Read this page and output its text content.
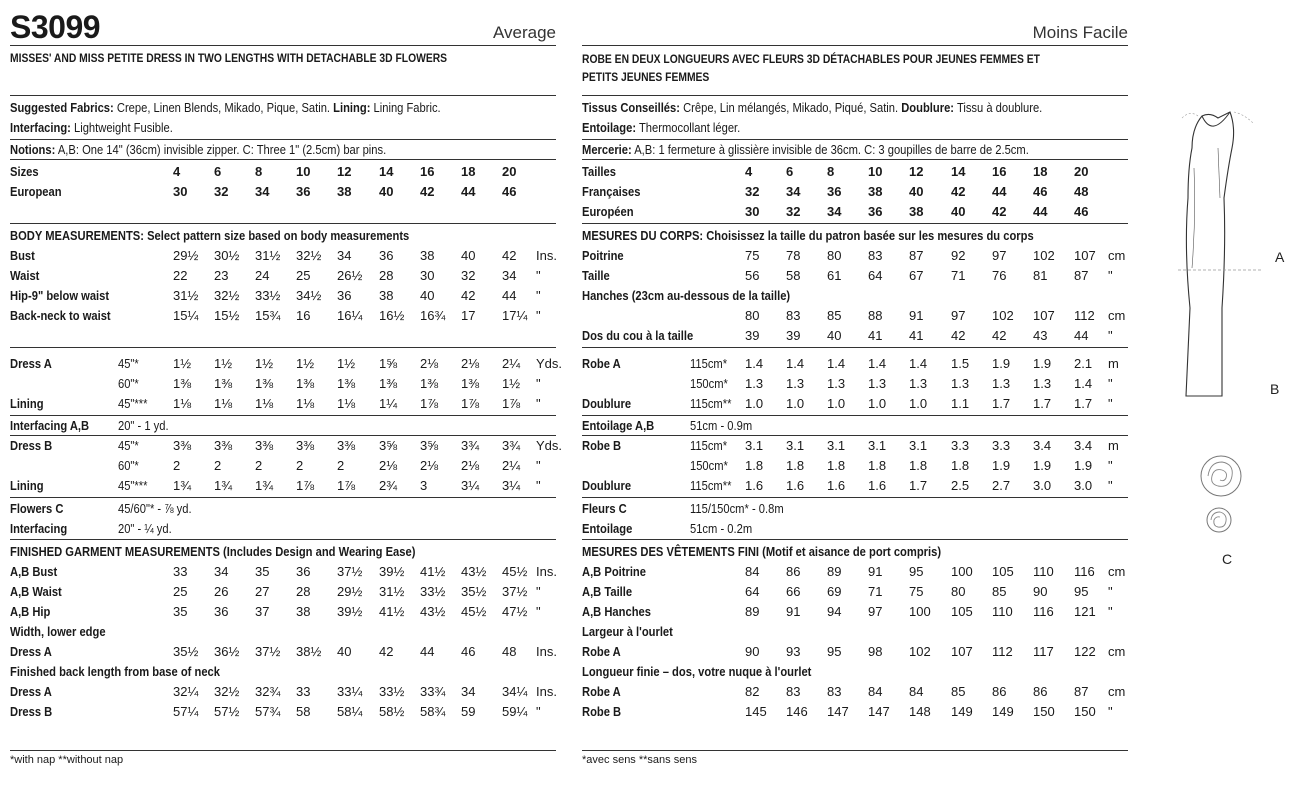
S3099	Average
MISSES' AND MISS PETITE DRESS IN TWO LENGTHS WITH DETACHABLE 3D FLOWERS
Suggested Fabrics: Crepe, Linen Blends, Mikado, Pique, Satin. Lining: Lining Fabric.
Interfacing: Lightweight Fusible.
Notions: A,B: One 14" (36cm) invisible zipper. C: Three 1" (2.5cm) bar pins.
Sizes	4	6	8	10	12	14	16	18	20
European	30	32	34	36	38	40	42	44	46
BODY MEASUREMENTS: Select pattern size based on body measurements
Bust	29½	30½	31½	32½	34	36	38	40	42	Ins.
Waist	22	23	24	25	26½	28	30	32	34	"
Hip-9" below waist	31½	32½	33½	34½	36	38	40	42	44	"
Back-neck to waist	15¼	15½	15¾	16	16¼	16½	16¾	17	17¼ "
Dress A	45"*	1½	1½	1½	1½	1½	1⅝	2⅛	2⅛	2¼	Yds.
60"*	1⅜	1⅜	1⅜	1⅜	1⅜	1⅜	1⅜	1⅜	1½	"
Lining	45"*** 1⅛	1⅛	1⅛	1⅛	1⅛	1¼	1⅞	1⅞	1⅞	"
Interfacing A,B 20" - 1 yd.
Dress B	45"*	3⅜	3⅜	3⅜	3⅜	3⅜	3⅝	3⅝	3¾	3¾	Yds.
60"*	2	2	2	2	2	2⅛	2⅛	2⅛	2¼	"
Lining	45"*** 1¾	1¾	1¾	1⅞	1⅞	2¾	3	3¼	3¼	"
Flowers C	45/60"* - ⅞ yd.
Interfacing	20" - ¼ yd.
FINISHED GARMENT MEASUREMENTS (Includes Design and Wearing Ease)
A,B Bust	33	34	35	36	37½	39½	41½	43½	45½ Ins.
A,B Waist	25	26	27	28	29½	31½	33½	35½	37½ "
A,B Hip	35	36	37	38	39½	41½	43½	45½	47½ "
Width, lower edge
Dress A	35½	36½	37½	38½	40	42	44	46	48	Ins.
Finished back length from base of neck
Dress A	32¼	32½	32¾	33	33¼	33½	33¾	34	34¼ Ins.
Dress B	57¼	57½	57¾	58	58¼	58½	58¾	59	59¼ "
*with nap **without nap
Moins Facile
ROBE EN DEUX LONGUEURS AVEC FLEURS 3D DÉTACHABLES POUR JEUNES FEMMES ET
PETITS JEUNES FEMMES
Tissus Conseillés: Crêpe, Lin mélangés, Mikado, Piqué, Satin. Doublure: Tissu à doublure.
Entoilage: Thermocollant léger.
Mercerie: A,B: 1 fermeture à glissière invisible de 36cm. C: 3 goupilles de barre de 2.5cm.
Tailles	4	6	8	10	12	14	16	18	20
Françaises	32	34	36	38	40	42	44	46	48
Européen	30	32	34	36	38	40	42	44	46
MESURES DU CORPS: Choisissez la taille du patron basée sur les mesures du corps
Poitrine	75	78	80	83	87	92	97	102	107 cm
Taille	56	58	61	64	67	71	76	81	87	"
Hanches (23cm au-dessous de la taille)
80	83	85	88	91	97	102	107	112	cm
Dos du cou à la taille	39	39	40	41	41	42	42	43	44	"
Robe A	115cm* 1.4	1.4	1.4	1.4	1.4	1.5	1.9	1.9	2.1	m
150cm* 1.3	1.3	1.3	1.3	1.3	1.3	1.3	1.3	1.4	"
Doublure	115cm** 1.0	1.0	1.0	1.0	1.0	1.1	1.7	1.7	1.7	"
Entoilage A,B	51cm - 0.9m
Robe B	115cm* 3.1	3.1	3.1	3.1	3.1	3.3	3.3	3.4	3.4	m
150cm* 1.8	1.8	1.8	1.8	1.8	1.8	1.9	1.9	1.9	"
Doublure	115cm** 1.6	1.6	1.6	1.6	1.7	2.5	2.7	3.0	3.0	"
Fleurs C	115/150cm* - 0.8m
Entoilage	51cm - 0.2m
MESURES DES VÊTEMENTS FINI (Motif et aisance de port compris)
A,B Poitrine	84	86	89	91	95	100	105	110	116	cm
A,B Taille	64	66	69	71	75	80	85	90	95	"
A,B Hanches	89	91	94	97	100	105	110	116	121 "
Largeur à l'ourlet
Robe A	90	93	95	98	102	107	112	117	122 cm
Longueur finie – dos, votre nuque à l'ourlet
Robe A	82	83	83	84	84	85	86	86	87	cm
Robe B	145	146	147	147	148	149	149	150	150 "
*avec sens **sans sens
A
B
C
